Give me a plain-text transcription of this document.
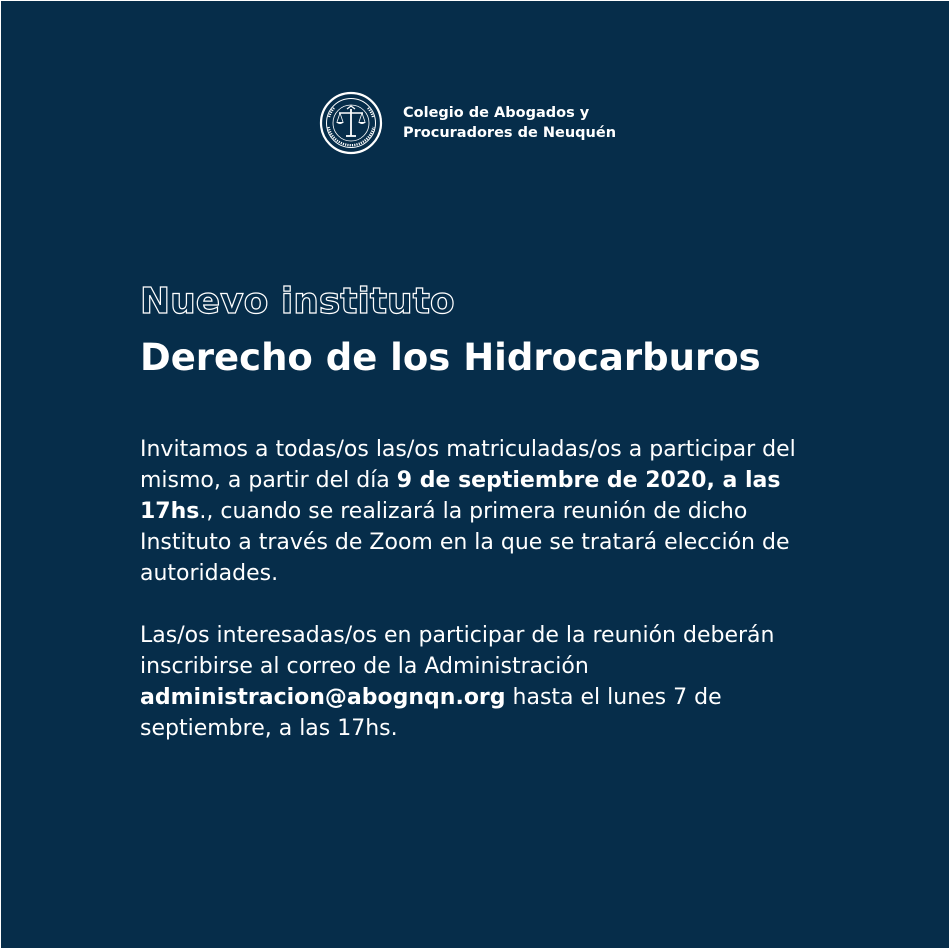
Colegio de Abogados y
Procuradores de Neuquén
Nuevo instituto
Derecho de los Hidrocarburos

Invitamos a todas/os las/os matriculadas/os a participar del mismo, a partir del día 9 de septiembre de 2020, a las 17hs., cuando se realizará la primera reunión de dicho Instituto a través de Zoom en la que se tratará elección de autoridades.

Las/os interesadas/os en participar de la reunión deberán inscribirse al correo de la Administración administracion@abognqn.org hasta el lunes 7 de septiembre, a las 17hs.
